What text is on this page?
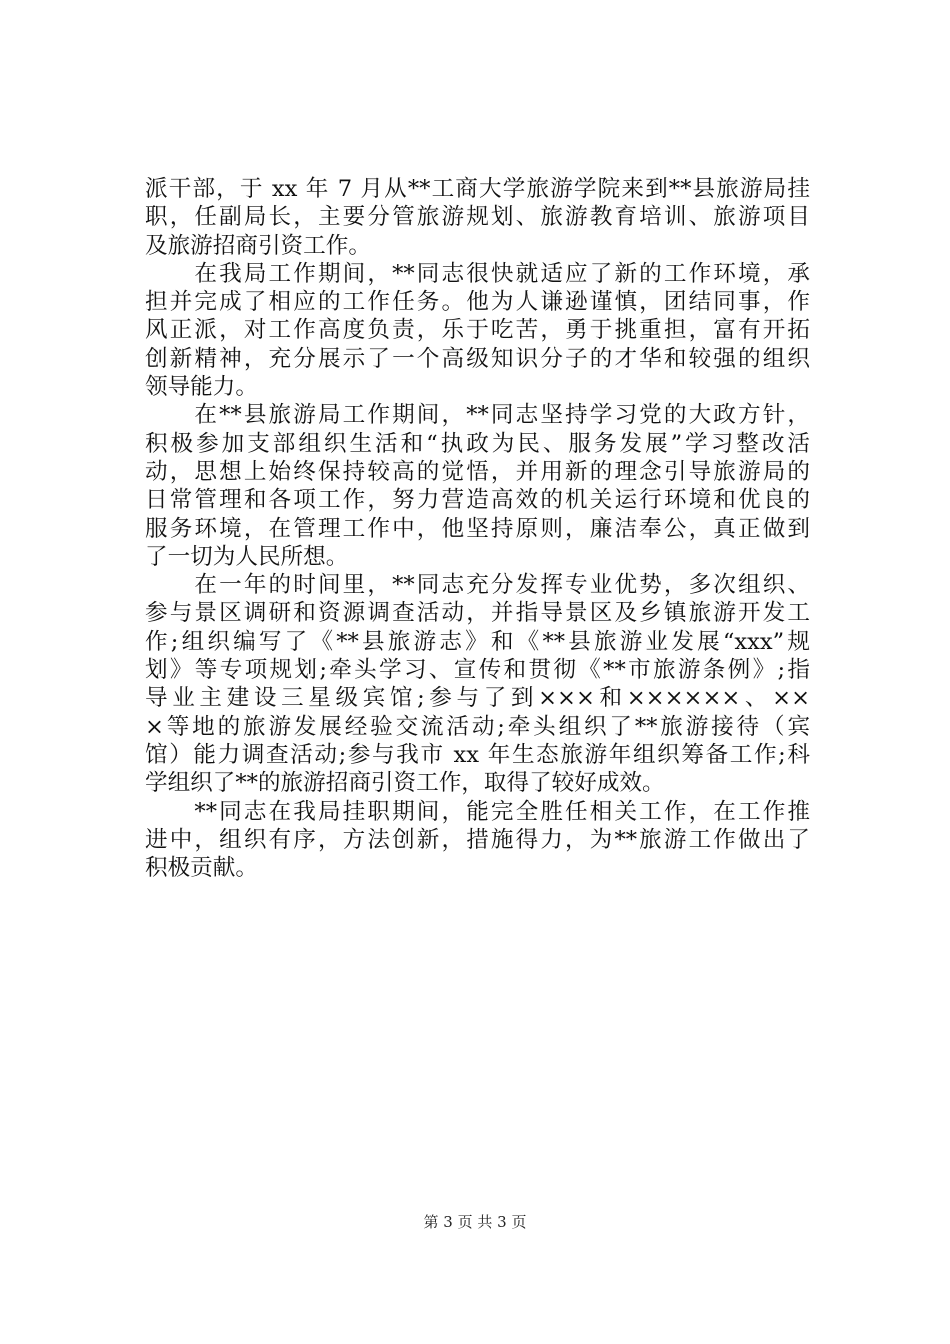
派干部，于 xx 年 7 月从**工商大学旅游学院来到**县旅游局挂
职，任副局长，主要分管旅游规划、旅游教育培训、旅游项目
及旅游招商引资工作。
　　在我局工作期间，**同志很快就适应了新的工作环境，承
担并完成了相应的工作任务。他为人谦逊谨慎，团结同事，作
风正派，对工作高度负责，乐于吃苦，勇于挑重担，富有开拓
创新精神，充分展示了一个高级知识分子的才华和较强的组织
领导能力。
　　在**县旅游局工作期间，**同志坚持学习党的大政方针，
积极参加支部组织生活和“执政为民、服务发展”学习整改活
动，思想上始终保持较高的觉悟，并用新的理念引导旅游局的
日常管理和各项工作，努力营造高效的机关运行环境和优良的
服务环境，在管理工作中，他坚持原则，廉洁奉公，真正做到
了一切为人民所想。
　　在一年的时间里，**同志充分发挥专业优势，多次组织、
参与景区调研和资源调查活动，并指导景区及乡镇旅游开发工
作;组织编写了《**县旅游志》和《**县旅游业发展“xxx”规
划》等专项规划;牵头学习、宣传和贯彻《**市旅游条例》;指
导业主建设三星级宾馆;参与了到×××和××××××、××
×等地的旅游发展经验交流活动;牵头组织了**旅游接待（宾
馆）能力调查活动;参与我市 xx 年生态旅游年组织筹备工作;科
学组织了**的旅游招商引资工作，取得了较好成效。
　　**同志在我局挂职期间，能完全胜任相关工作，在工作推
进中，组织有序，方法创新，措施得力，为**旅游工作做出了
积极贡献。
第 3 页 共 3 页
